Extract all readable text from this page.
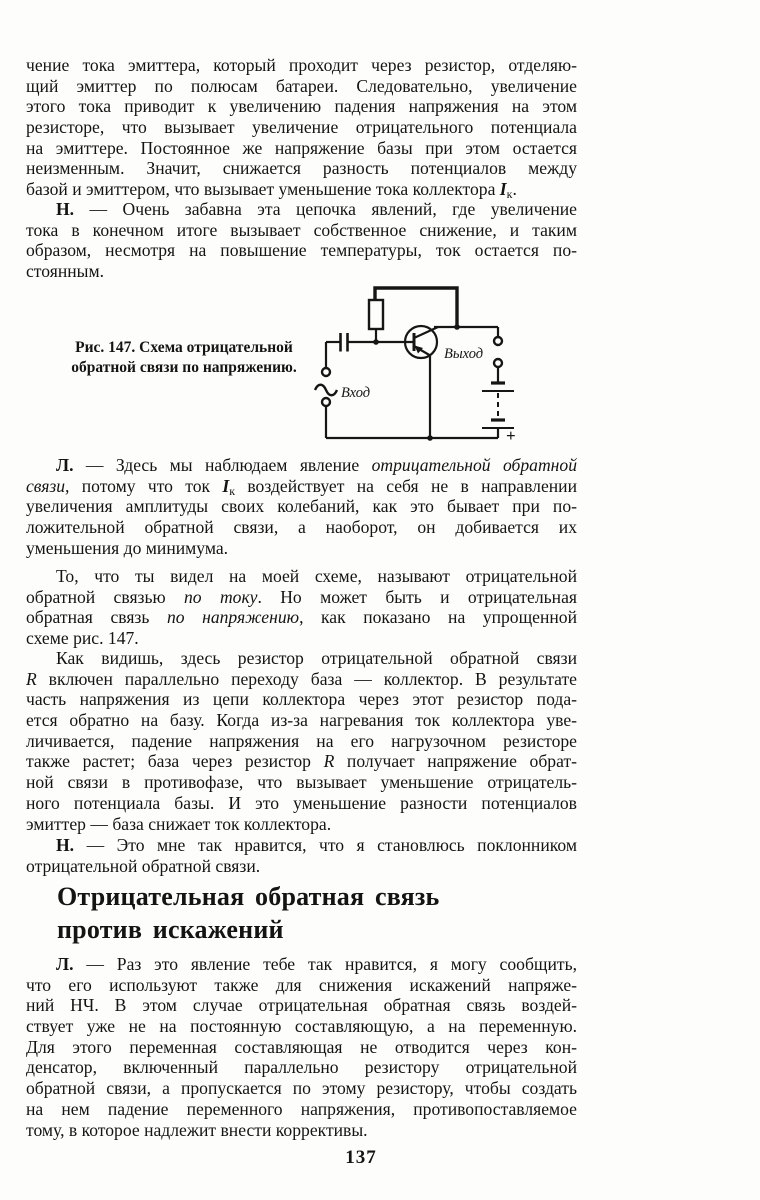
чение тока эмиттера, который проходит через резистор, отделяю-
щий эмиттер по полюсам батареи. Следовательно, увеличение
этого тока приводит к увеличению падения напряжения на этом
резисторе, что вызывает увеличение отрицательного потенциала
на эмиттере. Постоянное же напряжение базы при этом остается
неизменным. Значит, снижается разность потенциалов между
базой и эмиттером, что вызывает уменьшение тока коллектора $I_к$.
Н. — Очень забавна эта цепочка явлений, где увеличение
тока в конечном итоге вызывает собственное снижение, и таким
образом, несмотря на повышение температуры, ток остается по-
стоянным.
Рис. 147. Схема отрицательной
обратной связи по напряжению.
Вход
Выход
+
Л. — Здесь мы наблюдаем явление отрицательной обратной
связи, потому что ток $I_к$ воздействует на себя не в направлении
увеличения амплитуды своих колебаний, как это бывает при по-
ложительной обратной связи, а наоборот, он добивается их
уменьшения до минимума.
То, что ты видел на моей схеме, называют отрицательной
обратной связью по току. Но может быть и отрицательная
обратная связь по напряжению, как показано на упрощенной
схеме рис. 147.
Как видишь, здесь резистор отрицательной обратной связи
R включен параллельно переходу база — коллектор. В результате
часть напряжения из цепи коллектора через этот резистор пода-
ется обратно на базу. Когда из-за нагревания ток коллектора уве-
личивается, падение напряжения на его нагрузочном резисторе
также растет; база через резистор R получает напряжение обрат-
ной связи в противофазе, что вызывает уменьшение отрицатель-
ного потенциала базы. И это уменьшение разности потенциалов
эмиттер — база снижает ток коллектора.
Н. — Это мне так нравится, что я становлюсь поклонником
отрицательной обратной связи.
Отрицательная обратная связь
против искажений
Л. — Раз это явление тебе так нравится, я могу сообщить,
что его используют также для снижения искажений напряже-
ний НЧ. В этом случае отрицательная обратная связь воздей-
ствует уже не на постоянную составляющую, а на переменную.
Для этого переменная составляющая не отводится через кон-
денсатор, включенный параллельно резистору отрицательной
обратной связи, а пропускается по этому резистору, чтобы создать
на нем падение переменного напряжения, противопоставляемое
тому, в которое надлежит внести коррективы.
137
